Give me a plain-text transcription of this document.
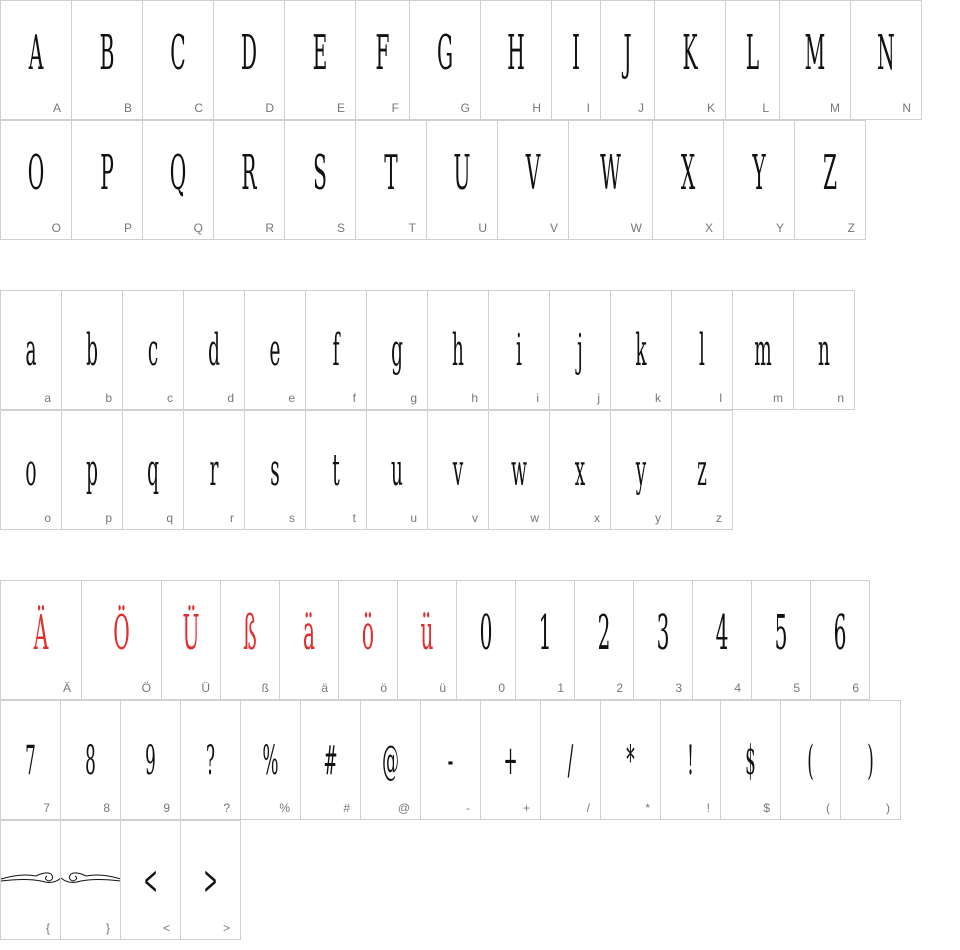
A
A
B
B
C
C
D
D
E
E
F
F
G
G
H
H
I
I
J
J
K
K
L
L
M
M
N
N
O
O
P
P
Q
Q
R
R
S
S
T
T
U
U
V
V
W
W
X
X
Y
Y
Z
Z
a
a
b
b
c
c
d
d
e
e
f
f
g
g
h
h
i
i
j
j
k
k
l
l
m
m
n
n
o
o
p
p
q
q
r
r
s
s
t
t
u
u
v
v
w
w
x
x
y
y
z
z
Ä
Ä
Ö
Ö
Ü
Ü
ß
ß
ä
ä
ö
ö
ü
ü
0
0
1
1
2
2
3
3
4
4
5
5
6
6
7
7
8
8
9
9
?
?
%
%
#
#
@
@
-
-
+
+
/
/
*
*
!
!
$
$
(
(
)
)
{	}
<
<
>
>
